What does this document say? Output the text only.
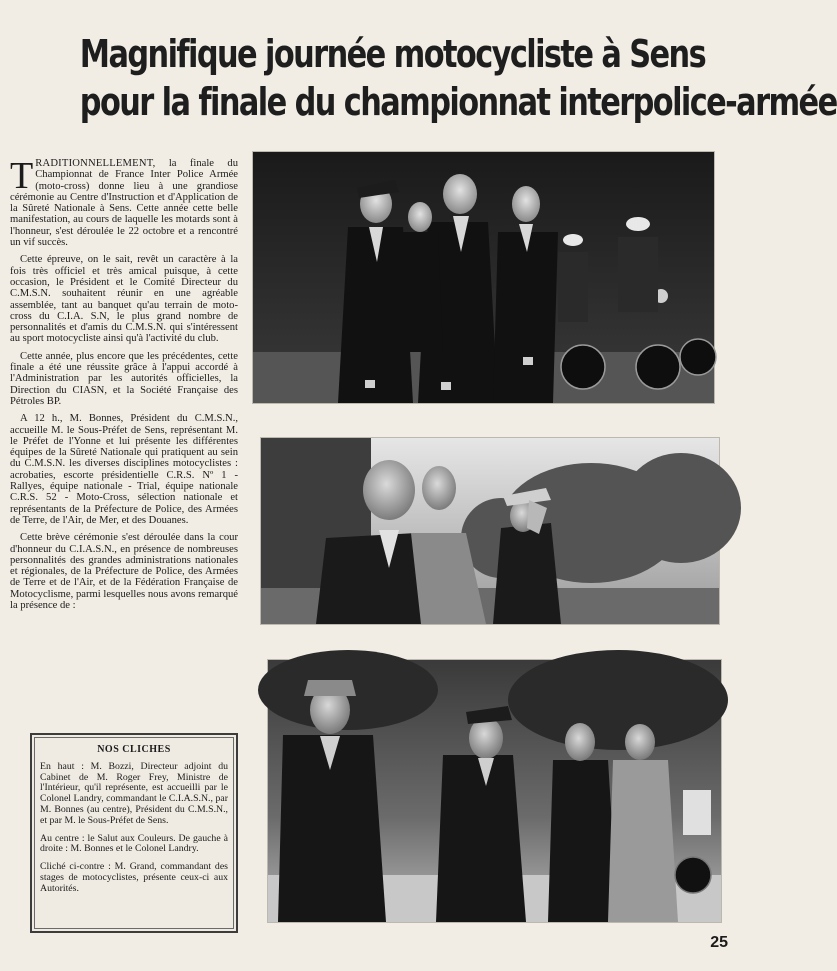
Magnifique journée motocycliste à Sens
pour la finale du championnat interpolice-armée

TRADITIONNELLEMENT, la finale du Championnat de France Inter Police Armée (moto-cross) donne lieu à une grandiose cérémonie au Centre d'Instruction et d'Application de la Sûreté Nationale à Sens. Cette année cette belle manifestation, au cours de laquelle les motards sont à l'honneur, s'est déroulée le 22 octobre et a rencontré un vif succès.

Cette épreuve, on le sait, revêt un caractère à la fois très officiel et très amical puisque, à cette occasion, le Président et le Comité Directeur du C.M.S.N. souhaitent réunir en une agréable assemblée, tant au banquet qu'au terrain de moto-cross du C.I.A. S.N, le plus grand nombre de personnalités et d'amis du C.M.S.N. qui s'intéressent au sport motocycliste ainsi qu'à l'activité du club.

Cette année, plus encore que les précédentes, cette finale a été une réussite grâce à l'appui accordé à l'Administration par les autorités officielles, la Direction du CIASN, et la Société Française des Pétroles BP.

A 12 h., M. Bonnes, Président du C.M.S.N., accueille M. le Sous-Préfet de Sens, représentant M. le Préfet de l'Yonne et lui présente les différentes équipes de la Sûreté Nationale qui pratiquent au sein du C.M.S.N. les diverses disciplines motocyclistes : acrobaties, escorte présidentielle C.R.S. Nº 1 - Rallyes, équipe nationale - Trial, équipe nationale C.R.S. 52 - Moto-Cross, sélection nationale et représentants de la Préfecture de Police, des Armées de Terre, de l'Air, de Mer, et des Douanes.

Cette brève cérémonie s'est déroulée dans la cour d'honneur du C.I.A.S.N., en présence de nombreuses personnalités des grandes administrations nationales et régionales, de la Préfecture de Police, des Armées de Terre et de l'Air, et de la Fédération Française de Motocyclisme, parmi lesquelles nous avons remarqué la présence de :

NOS CLICHES

En haut : M. Bozzi, Directeur adjoint du Cabinet de M. Roger Frey, Ministre de l'Intérieur, qu'il représente, est accueilli par le Colonel Landry, commandant le C.I.A.S.N., par M. Bonnes (au centre), Président du C.M.S.N., et par M. le Sous-Préfet de Sens.

Au centre : le Salut aux Couleurs. De gauche à droite : M. Bonnes et le Colonel Landry.

Cliché ci-contre : M. Grand, commandant des stages de motocyclistes, présente ceux-ci aux Autorités.

25
